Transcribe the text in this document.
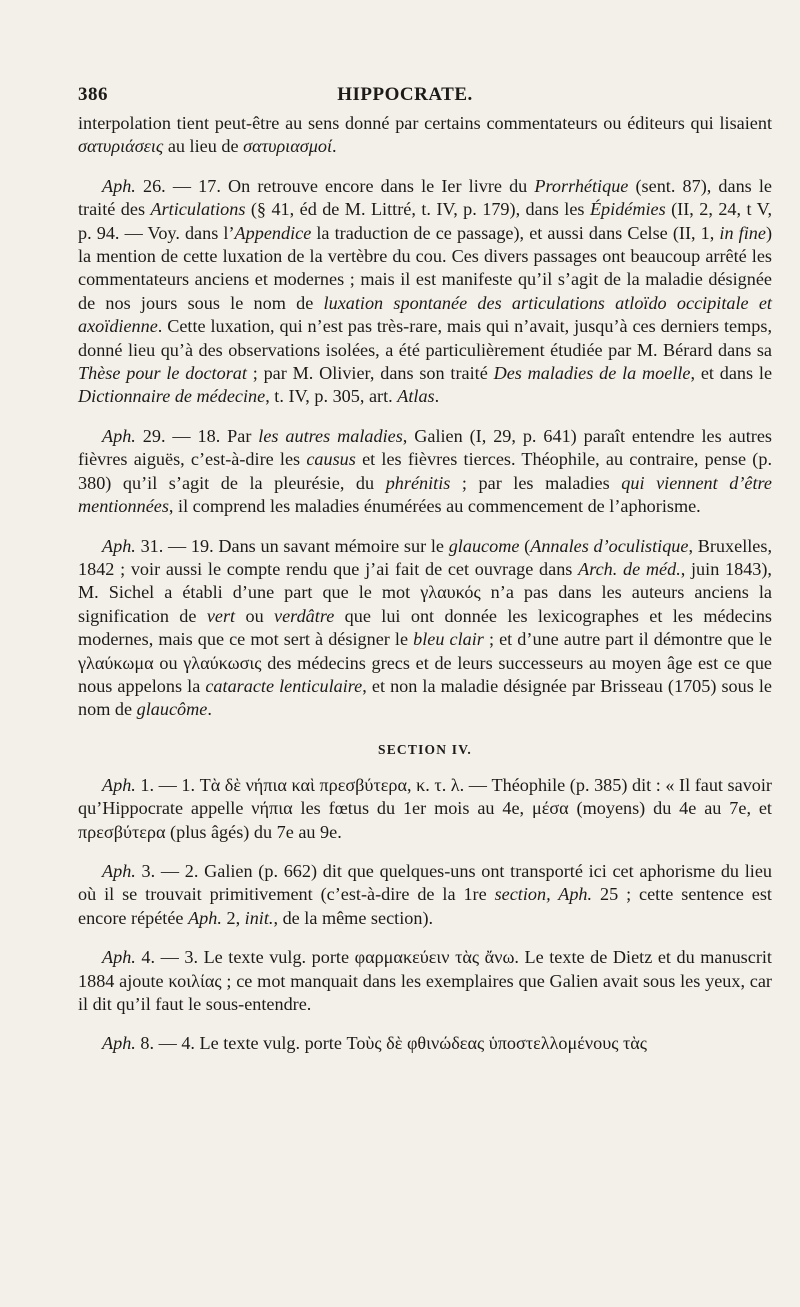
386	HIPPOCRATE.

interpolation tient peut-être au sens donné par certains commentateurs ou éditeurs qui lisaient σατυριάσεις au lieu de σατυριασμοί.

Aph. 26. — 17. On retrouve encore dans le Ier livre du Prorrhétique (sent. 87), dans le traité des Articulations (§ 41, éd de M. Littré, t. IV, p. 179), dans les Épidémies (II, 2, 24, t V, p. 94. — Voy. dans l’Appendice la traduction de ce passage), et aussi dans Celse (II, 1, in fine) la mention de cette luxation de la vertèbre du cou. Ces divers passages ont beaucoup arrêté les commentateurs anciens et modernes ; mais il est manifeste qu’il s’agit de la maladie désignée de nos jours sous le nom de luxation spontanée des articulations atloïdo occipitale et axoïdienne. Cette luxation, qui n’est pas très-rare, mais qui n’avait, jusqu’à ces derniers temps, donné lieu qu’à des observations isolées, a été particulièrement étudiée par M. Bérard dans sa Thèse pour le doctorat ; par M. Olivier, dans son traité Des maladies de la moelle, et dans le Dictionnaire de médecine, t. IV, p. 305, art. Atlas.

Aph. 29. — 18. Par les autres maladies, Galien (I, 29, p. 641) paraît entendre les autres fièvres aiguës, c’est-à-dire les causus et les fièvres tierces. Théophile, au contraire, pense (p. 380) qu’il s’agit de la pleurésie, du phrénitis ; par les maladies qui viennent d’être mentionnées, il comprend les maladies énumérées au commencement de l’aphorisme.

Aph. 31. — 19. Dans un savant mémoire sur le glaucome (Annales d’oculistique, Bruxelles, 1842 ; voir aussi le compte rendu que j’ai fait de cet ouvrage dans Arch. de méd., juin 1843), M. Sichel a établi d’une part que le mot γλαυκός n’a pas dans les auteurs anciens la signification de vert ou verdâtre que lui ont donnée les lexicographes et les médecins modernes, mais que ce mot sert à désigner le bleu clair ; et d’une autre part il démontre que le γλαύκωμα ou γλαύκωσις des médecins grecs et de leurs successeurs au moyen âge est ce que nous appelons la cataracte lenticulaire, et non la maladie désignée par Brisseau (1705) sous le nom de glaucôme.

SECTION IV.

Aph. 1. — 1. Τὰ δὲ νήπια καὶ πρεσβύτερα, κ. τ. λ. — Théophile (p. 385) dit : « Il faut savoir qu’Hippocrate appelle νήπια les fœtus du 1er mois au 4e, μέσα (moyens) du 4e au 7e, et πρεσβύτερα (plus âgés) du 7e au 9e.

Aph. 3. — 2. Galien (p. 662) dit que quelques-uns ont transporté ici cet aphorisme du lieu où il se trouvait primitivement (c’est-à-dire de la 1re section, Aph. 25 ; cette sentence est encore répétée Aph. 2, init., de la même section).

Aph. 4. — 3. Le texte vulg. porte φαρμακεύειν τὰς ἄνω. Le texte de Dietz et du manuscrit 1884 ajoute κοιλίας ; ce mot manquait dans les exemplaires que Galien avait sous les yeux, car il dit qu’il faut le sous-entendre.

Aph. 8. — 4. Le texte vulg. porte Τοὺς δὲ φθινώδεας ὑποστελλομένους τὰς
